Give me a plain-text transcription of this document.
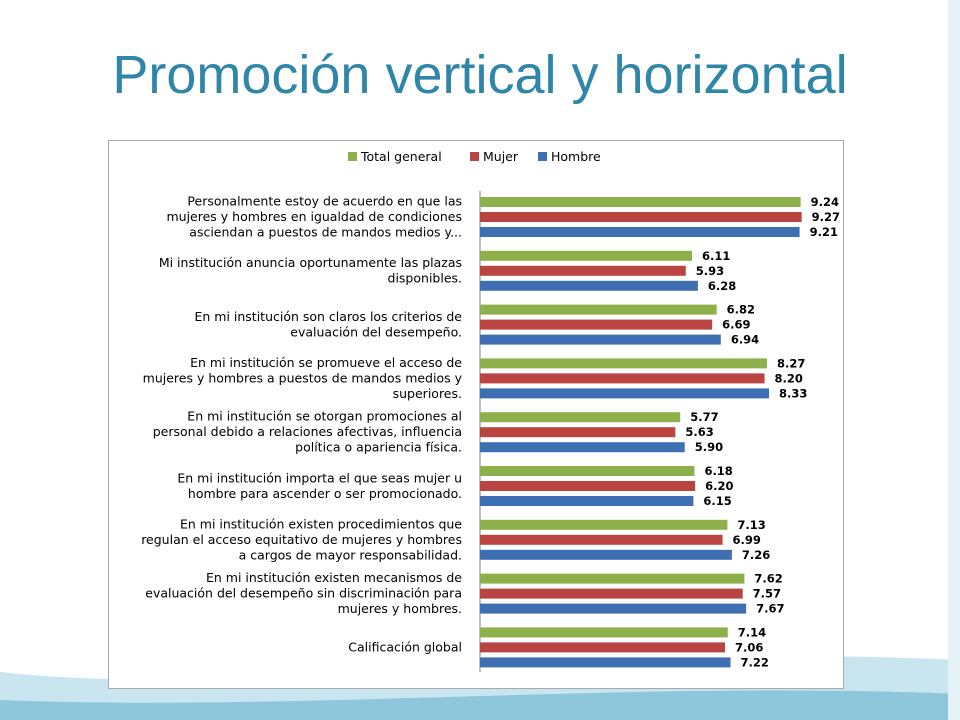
Promoción vertical y horizontal
Total general	Mujer	Hombre
Personalmente estoy de acuerdo en que las
mujeres y hombres en igualdad de condiciones
asciendan a puestos de mandos medios y...
9.24
9.27
9.21
Mi institución anuncia oportunamente las plazas
disponibles.
6.11
5.93
6.28
En mi institución son claros los criterios de
evaluación del desempeño.
6.82
6.69
6.94
En mi institución se promueve el acceso de
mujeres y hombres a puestos de mandos medios y
superiores.
8.27
8.20
8.33
En mi institución se otorgan promociones al
personal debido a relaciones afectivas, influencia
política o apariencia física.
5.77
5.63
5.90
En mi institución importa el que seas mujer u
hombre para ascender o ser promocionado.
6.18
6.20
6.15
En mi institución existen procedimientos que
regulan el acceso equitativo de mujeres y hombres
a cargos de mayor responsabilidad.
7.13
6.99
7.26
En mi institución existen mecanismos de
evaluación del desempeño sin discriminación para
mujeres y hombres.
7.62
7.57
7.67
Calificación global
7.14
7.06
7.22
